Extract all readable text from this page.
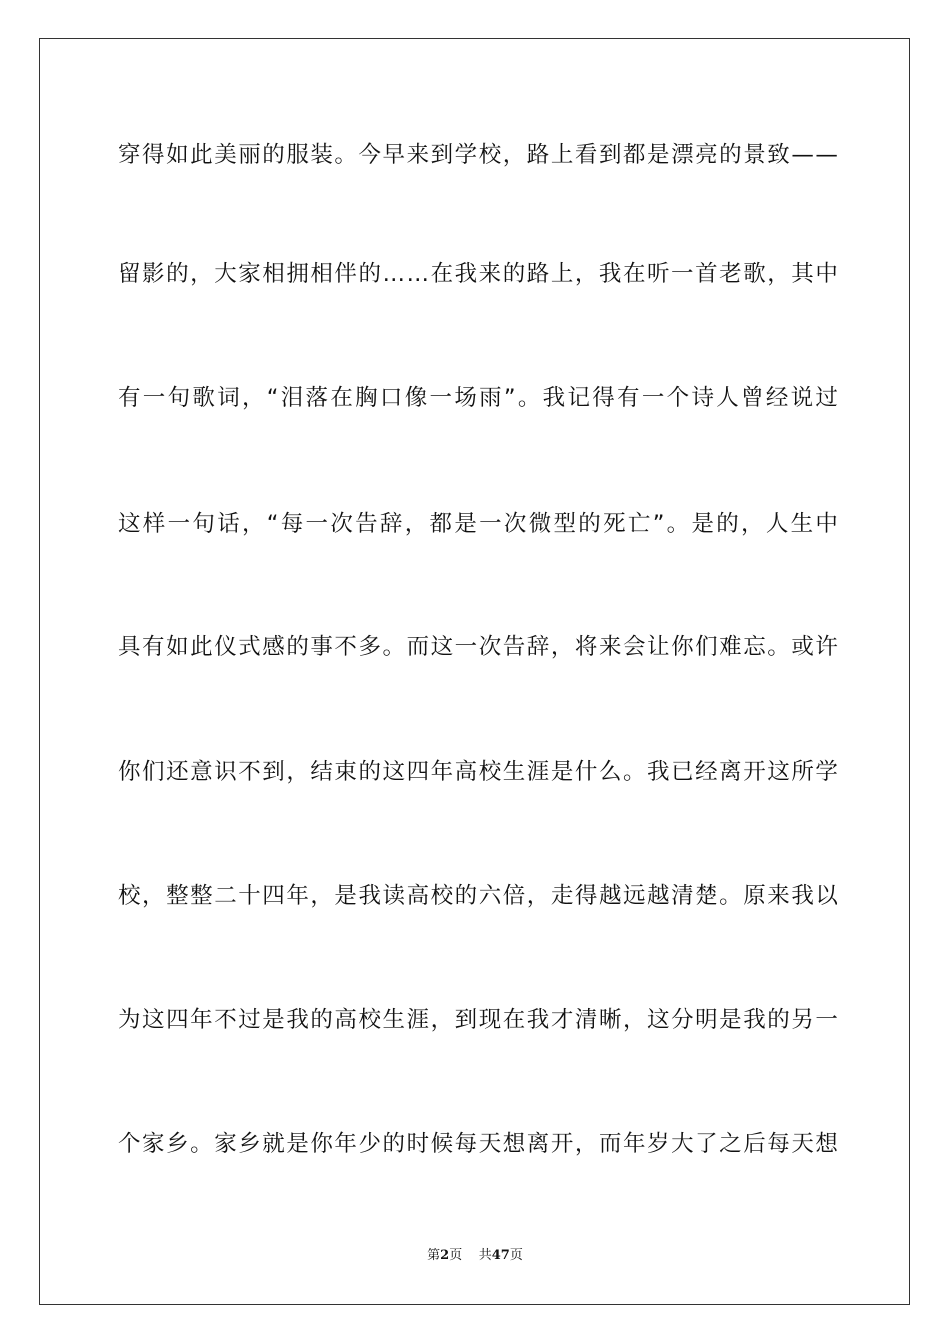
穿 得 如 此 美 丽 的 服 装 。 今 早 来 到 学 校 ， 路 上 看 到 都 是 漂 亮 的 景 致 — —
留 影 的 ， 大 家 相 拥 相 伴 的 … … 在 我 来 的 路 上 ， 我 在 听 一 首 老 歌 ， 其 中
有 一 句 歌 词 ， “ 泪 落 在 胸 口 像 一 场 雨 ” 。 我 记 得 有 一 个 诗 人 曾 经 说 过
这 样 一 句 话 ， “ 每 一 次 告 辞 ， 都 是 一 次 微 型 的 死 亡 ” 。 是 的 ， 人 生 中
具 有 如 此 仪 式 感 的 事 不 多 。 而 这 一 次 告 辞 ， 将 来 会 让 你 们 难 忘 。 或 许
你 们 还 意 识 不 到 ， 结 束 的 这 四 年 高 校 生 涯 是 什 么 。 我 已 经 离 开 这 所 学
校 ， 整 整 二 十 四 年 ， 是 我 读 高 校 的 六 倍 ， 走 得 越 远 越 清 楚 。 原 来 我 以
为 这 四 年 不 过 是 我 的 高 校 生 涯 ， 到 现 在 我 才 清 晰 ， 这 分 明 是 我 的 另 一
个 家 乡 。 家 乡 就 是 你 年 少 的 时 候 每 天 想 离 开 ， 而 年 岁 大 了 之 后 每 天 想
第2页 共47页
